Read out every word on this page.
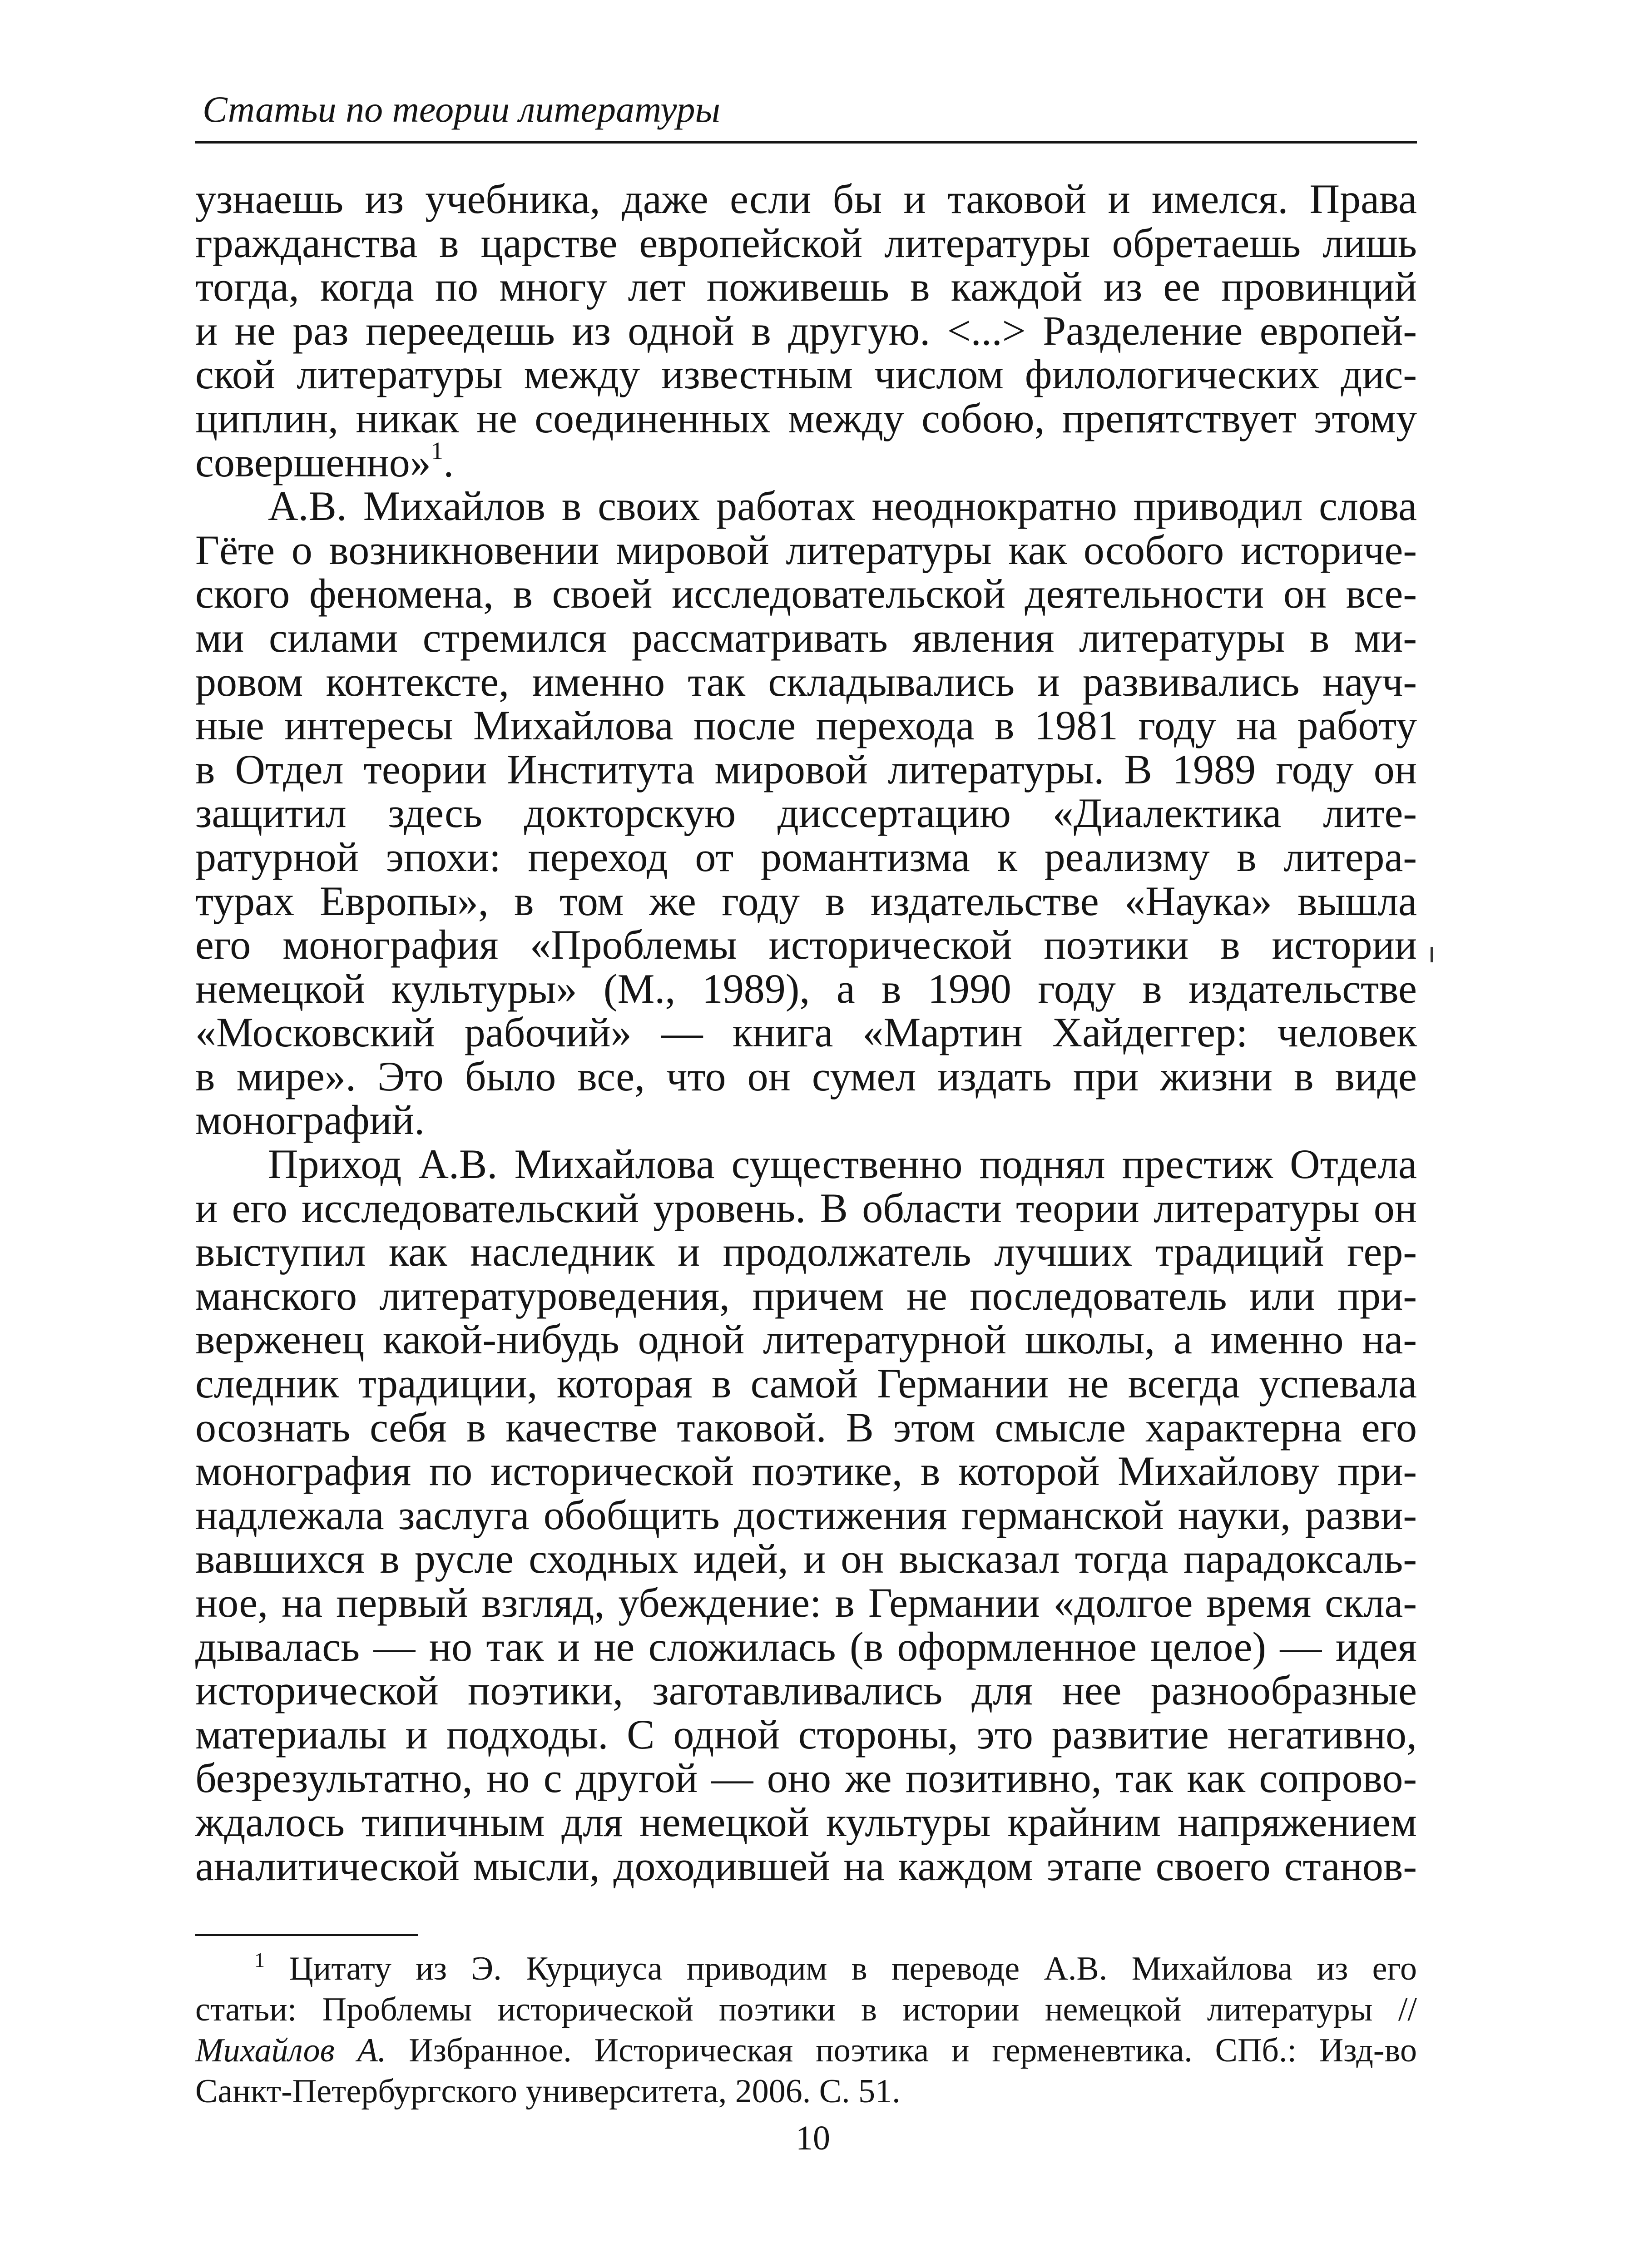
Статьи по теории литературы
узнаешь из учебника, даже если бы и таковой и имелся. Права
гражданства в царстве европейской литературы обретаешь лишь
тогда, когда по многу лет поживешь в каждой из ее провинций
и не раз переедешь из одной в другую. <...> Разделение европей-
ской литературы между известным числом филологических дис-
циплин, никак не соединенных между собою, препятствует этому
совершенно»$^1$.
А.В. Михайлов в своих работах неоднократно приводил слова
Гёте о возникновении мировой литературы как особого историче-
ского феномена, в своей исследовательской деятельности он все-
ми силами стремился рассматривать явления литературы в ми-
ровом контексте, именно так складывались и развивались науч-
ные интересы Михайлова после перехода в 1981 году на работу
в Отдел теории Института мировой литературы. В 1989 году он
защитил здесь докторскую диссертацию «Диалектика лите-
ратурной эпохи: переход от романтизма к реализму в литера-
турах Европы», в том же году в издательстве «Наука» вышла
его монография «Проблемы исторической поэтики в истории
немецкой культуры» (М., 1989), а в 1990 году в издательстве
«Московский рабочий» — книга «Мартин Хайдеггер: человек
в мире». Это было все, что он сумел издать при жизни в виде
монографий.
Приход А.В. Михайлова существенно поднял престиж Отдела
и его исследовательский уровень. В области теории литературы он
выступил как наследник и продолжатель лучших традиций гер-
манского литературоведения, причем не последователь или при-
верженец какой-нибудь одной литературной школы, а именно на-
следник традиции, которая в самой Германии не всегда успевала
осознать себя в качестве таковой. В этом смысле характерна его
монография по исторической поэтике, в которой Михайлову при-
надлежала заслуга обобщить достижения германской науки, разви-
вавшихся в русле сходных идей, и он высказал тогда парадоксаль-
ное, на первый взгляд, убеждение: в Германии «долгое время скла-
дывалась — но так и не сложилась (в оформленное целое) — идея
исторической поэтики, заготавливались для нее разнообразные
материалы и подходы. С одной стороны, это развитие негативно,
безрезультатно, но с другой — оно же позитивно, так как сопрово-
ждалось типичным для немецкой культуры крайним напряжением
аналитической мысли, доходившей на каждом этапе своего станов-
$^1$ Цитату из Э. Курциуса приводим в переводе А.В. Михайлова из его
статьи: Проблемы исторической поэтики в истории немецкой литературы //
Михайлов А. Избранное. Историческая поэтика и герменевтика. СПб.: Изд-во
Санкт-Петербургского университета, 2006. С. 51.
10
